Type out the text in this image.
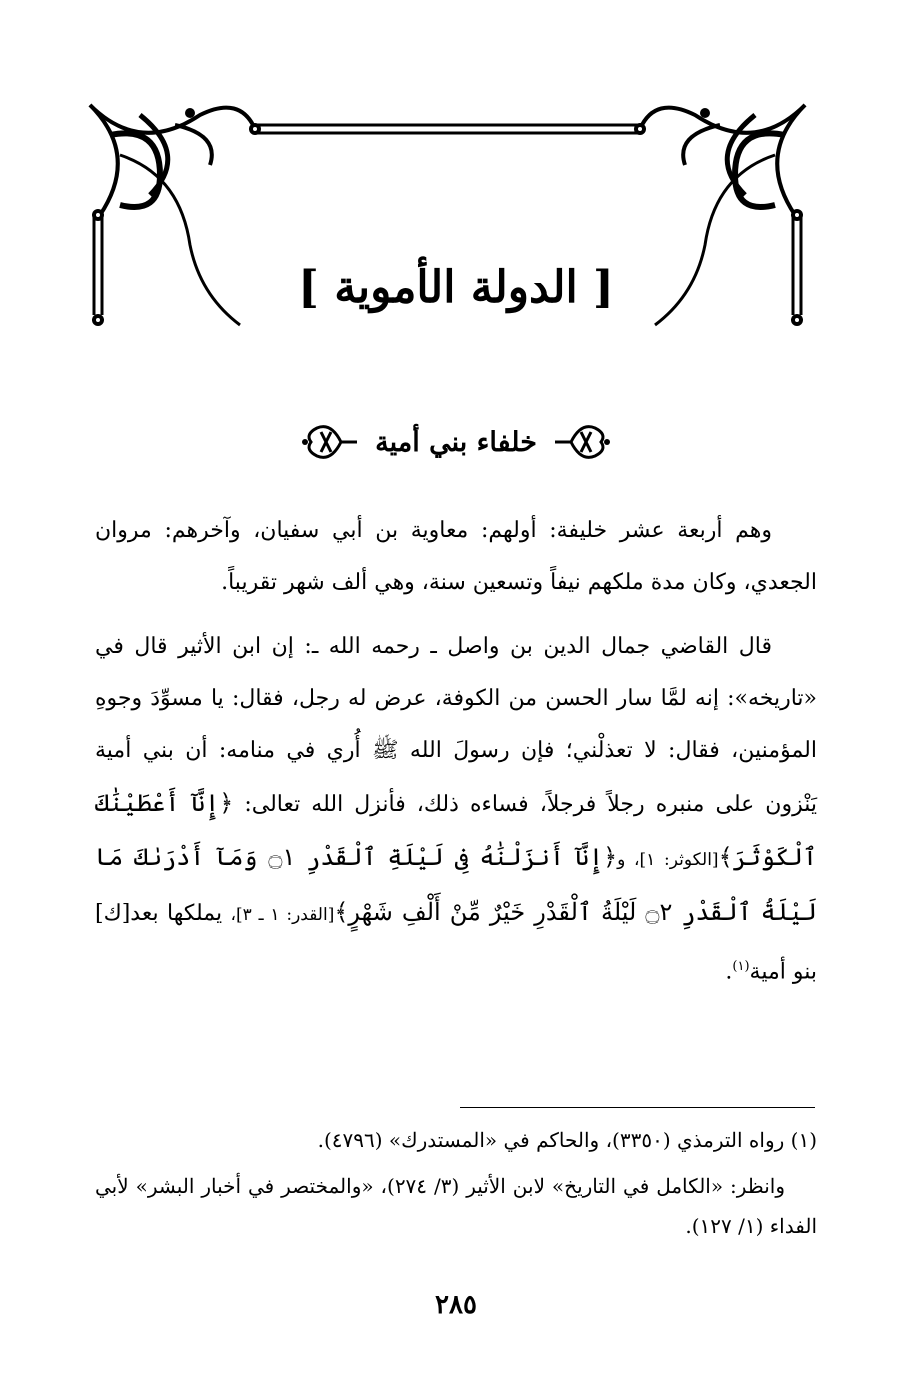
[ الدولة الأموية ]
خلفاء بني أمية

وهم أربعة عشر خليفة: أولهم: معاوية بن أبي سفيان، وآخرهم: مروان الجعدي، وكان مدة ملكهم نيفاً وتسعين سنة، وهي ألف شهر تقريباً.

قال القاضي جمال الدين بن واصل ـ رحمه الله ـ: إن ابن الأثير قال في «تاريخه»: إنه لمَّا سار الحسن من الكوفة، عرض له رجل، فقال: يا مسوِّدَ وجوهِ المؤمنين، فقال: لا تعذلْني؛ فإن رسولَ الله ﷺ أُري في منامه: أن بني أمية يَنْزون على منبره رجلاً فرجلاً، فساءه ذلك، فأنزل الله تعالى: ﴿إِنَّآ أَعْطَيْنَٰكَ ٱلْكَوْثَرَ﴾[الكوثر: ١]، و﴿إِنَّآ أَنزَلْنَٰهُ فِى لَيْلَةِ ٱلْقَدْرِ ۝١ وَمَآ أَدْرَىٰكَ مَا لَيْلَةُ ٱلْقَدْرِ ۝٢ لَيْلَةُ ٱلْقَدْرِ خَيْرٌ مِّنْ أَلْفِ شَهْرٍ﴾[القدر: ١ ـ ٣]، يملكها بعد[ك] بنو أمية$^{(١)}$.

(١) رواه الترمذي (٣٣٥٠)، والحاكم في «المستدرك» (٤٧٩٦).

وانظر: «الكامل في التاريخ» لابن الأثير (٣/ ٢٧٤)، «والمختصر في أخبار البشر» لأبي الفداء (١/ ١٢٧).

٢٨٥
